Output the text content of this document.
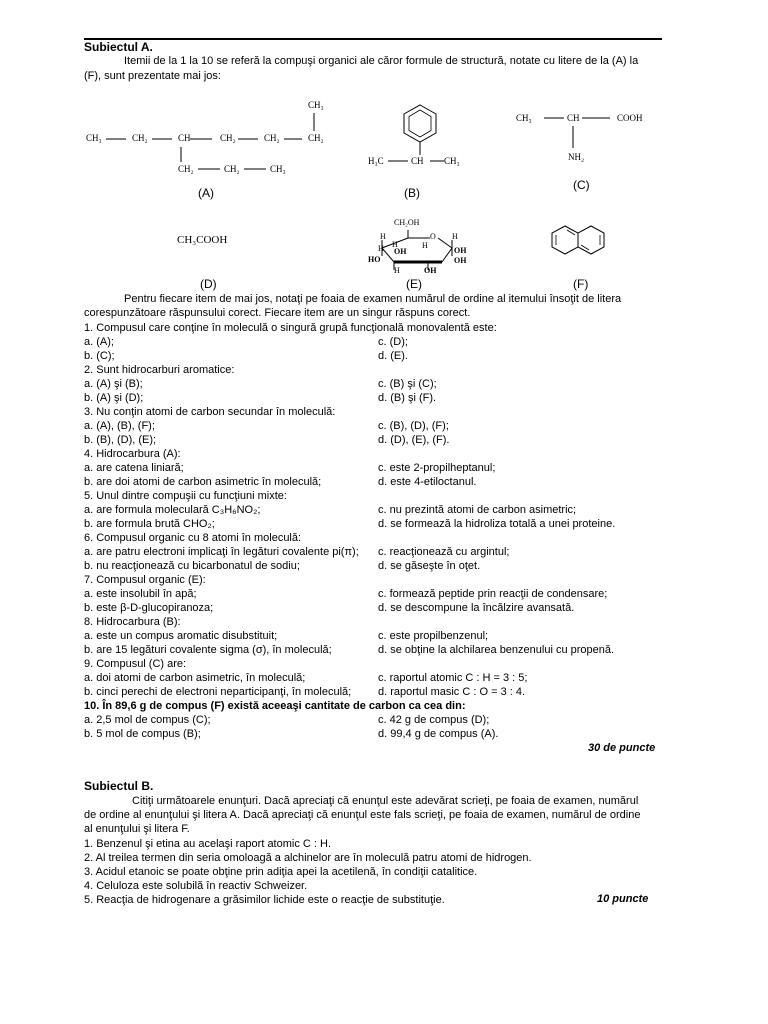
Subiectul A.
Itemii de la 1 la 10 se referă la compuşi organici ale căror formule de structură, notate cu litere de la (A) la
(F), sunt prezentate mai jos:
CH₃	CH₂	CH	CH₂	CH₂	CH₂
CH₃
CH₂	CH₂	CH₃
(A)
H₃C	CH CH₃
(B)
CH₃	CH	COOH
NH₂
(C)
CH₃COOH
(D)
CH₂OH
O
H
H
H
H	H
OH	OH
OH
HO
H	OH
(E)	(F)
Pentru fiecare item de mai jos, notaţi pe foaia de examen numărul de ordine al itemului însoţit de litera
corespunzătoare răspunsului corect. Fiecare item are un singur răspuns corect.
1. Compusul care conţine în moleculă o singură grupă funcţională monovalentă este:
a. (A);	c. (D);
b. (C);	d. (E).
2. Sunt hidrocarburi aromatice:
a. (A) şi (B);	c. (B) şi (C);
b. (A) şi (D);	d. (B) şi (F).
3. Nu conţin atomi de carbon secundar în moleculă:
a. (A), (B), (F);	c. (B), (D), (F);
b. (B), (D), (E);	d. (D), (E), (F).
4. Hidrocarbura (A):
a. are catena liniară;	c. este 2-propilheptanul;
b. are doi atomi de carbon asimetric în moleculă;	d. este 4-etiloctanul.
5. Unul dintre compuşii cu funcţiuni mixte:
a. are formula moleculară C₃H₆NO₂;	c. nu prezintă atomi de carbon asimetric;
b. are formula brută CHO₂;	d. se formează la hidroliza totală a unei proteine.
6. Compusul organic cu 8 atomi în moleculă:
a. are patru electroni implicaţi în legături covalente pi(π); c. reacţionează cu argintul;
b. nu reacţionează cu bicarbonatul de sodiu;	d. se găseşte în oţet.
7. Compusul organic (E):
a. este insolubil în apă;	c. formează peptide prin reacţii de condensare;
b. este β-D-glucopiranoza;	d. se descompune la încălzire avansată.
8. Hidrocarbura (B):
a. este un compus aromatic disubstituit;	c. este propilbenzenul;
b. are 15 legături covalente sigma (σ), în moleculă;	d. se obţine la alchilarea benzenului cu propenă.
9. Compusul (C) are:
a. doi atomi de carbon asimetric, în moleculă;	c. raportul atomic C : H = 3 : 5;
b. cinci perechi de electroni neparticipanţi, în moleculă; d. raportul masic C : O = 3 : 4.
10. În 89,6 g de compus (F) există aceeaşi cantitate de carbon ca cea din:
a. 2,5 mol de compus (C);	c. 42 g de compus (D);
b. 5 mol de compus (B);	d. 99,4 g de compus (A).
30 de puncte
Subiectul B.
Citiţi următoarele enunţuri. Dacă apreciaţi că enunţul este adevărat scrieţi, pe foaia de examen, numărul
de ordine al enunţului şi litera A. Dacă apreciaţi că enunţul este fals scrieţi, pe foaia de examen, numărul de ordine
al enunţului şi litera F.
1. Benzenul şi etina au acelaşi raport atomic C : H.
2. Al treilea termen din seria omoloagă a alchinelor are în moleculă patru atomi de hidrogen.
3. Acidul etanoic se poate obţine prin adiţia apei la acetilenă, în condiţii catalitice.
4. Celuloza este solubilă în reactiv Schweizer.
5. Reacţia de hidrogenare a grăsimilor lichide este o reacţie de substituţie.	10 puncte
